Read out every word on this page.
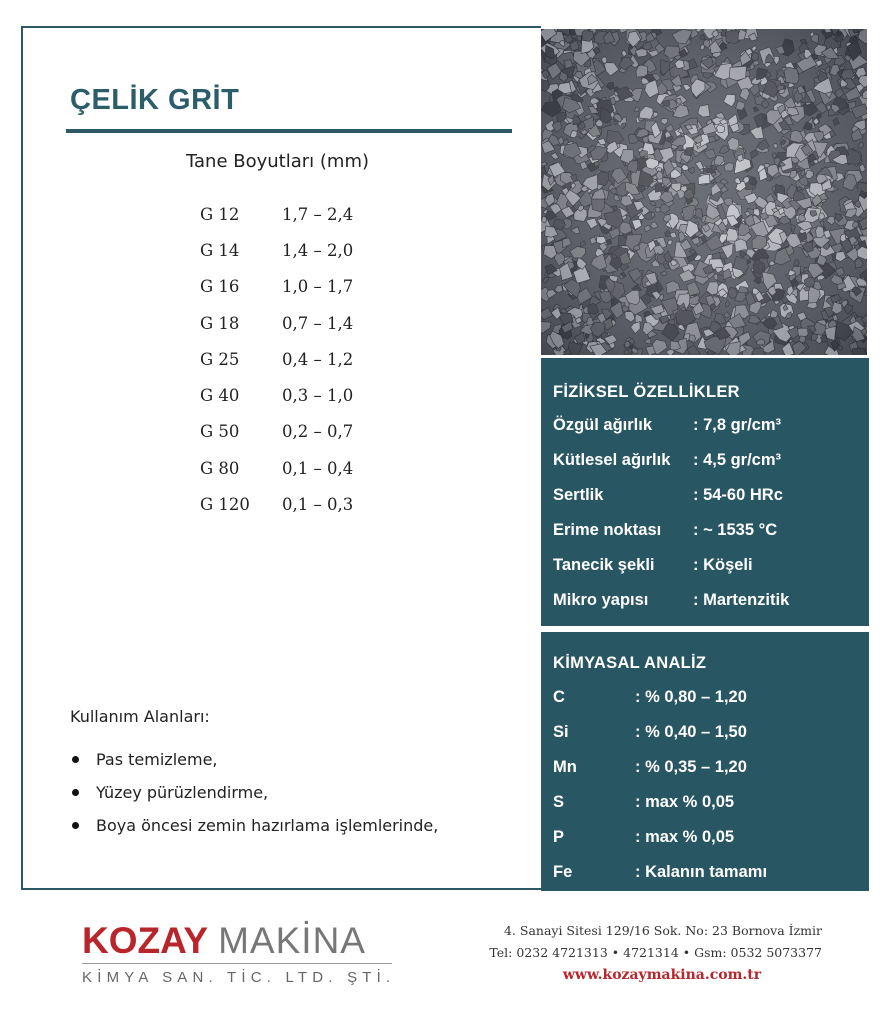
ÇELİK GRİT
Tane Boyutları (mm)
G 12	1,7 – 2,4
G 14	1,4 – 2,0
G 16	1,0 – 1,7
G 18	0,7 – 1,4
G 25	0,4 – 1,2
G 40	0,3 – 1,0
G 50	0,2 – 0,7
G 80	0,1 – 0,4
G 120	0,1 – 0,3
Kullanım Alanları:
Pas temizleme,
Yüzey pürüzlendirme,
Boya öncesi zemin hazırlama işlemlerinde,
FİZİKSEL ÖZELLİKLER
Özgül ağırlık	: 7,8 gr/cm³
Kütlesel ağırlık	: 4,5 gr/cm³
Sertlik	: 54-60 HRc
Erime noktası	: ~ 1535 °C
Tanecik şekli	: Köşeli
Mikro yapısı	: Martenzitik
KİMYASAL ANALİZ
C	: % 0,80 – 1,20
Si	: % 0,40 – 1,50
Mn	: % 0,35 – 1,20
S	: max % 0,05
P	: max % 0,05
Fe	: Kalanın tamamı
KOZAY MAKİNA
KİMYA SAN. TİC. LTD. ŞTİ.
4. Sanayi Sitesi 129/16 Sok. No: 23 Bornova İzmir
Tel: 0232 4721313 • 4721314 • Gsm: 0532 5073377
www.kozaymakina.com.tr
